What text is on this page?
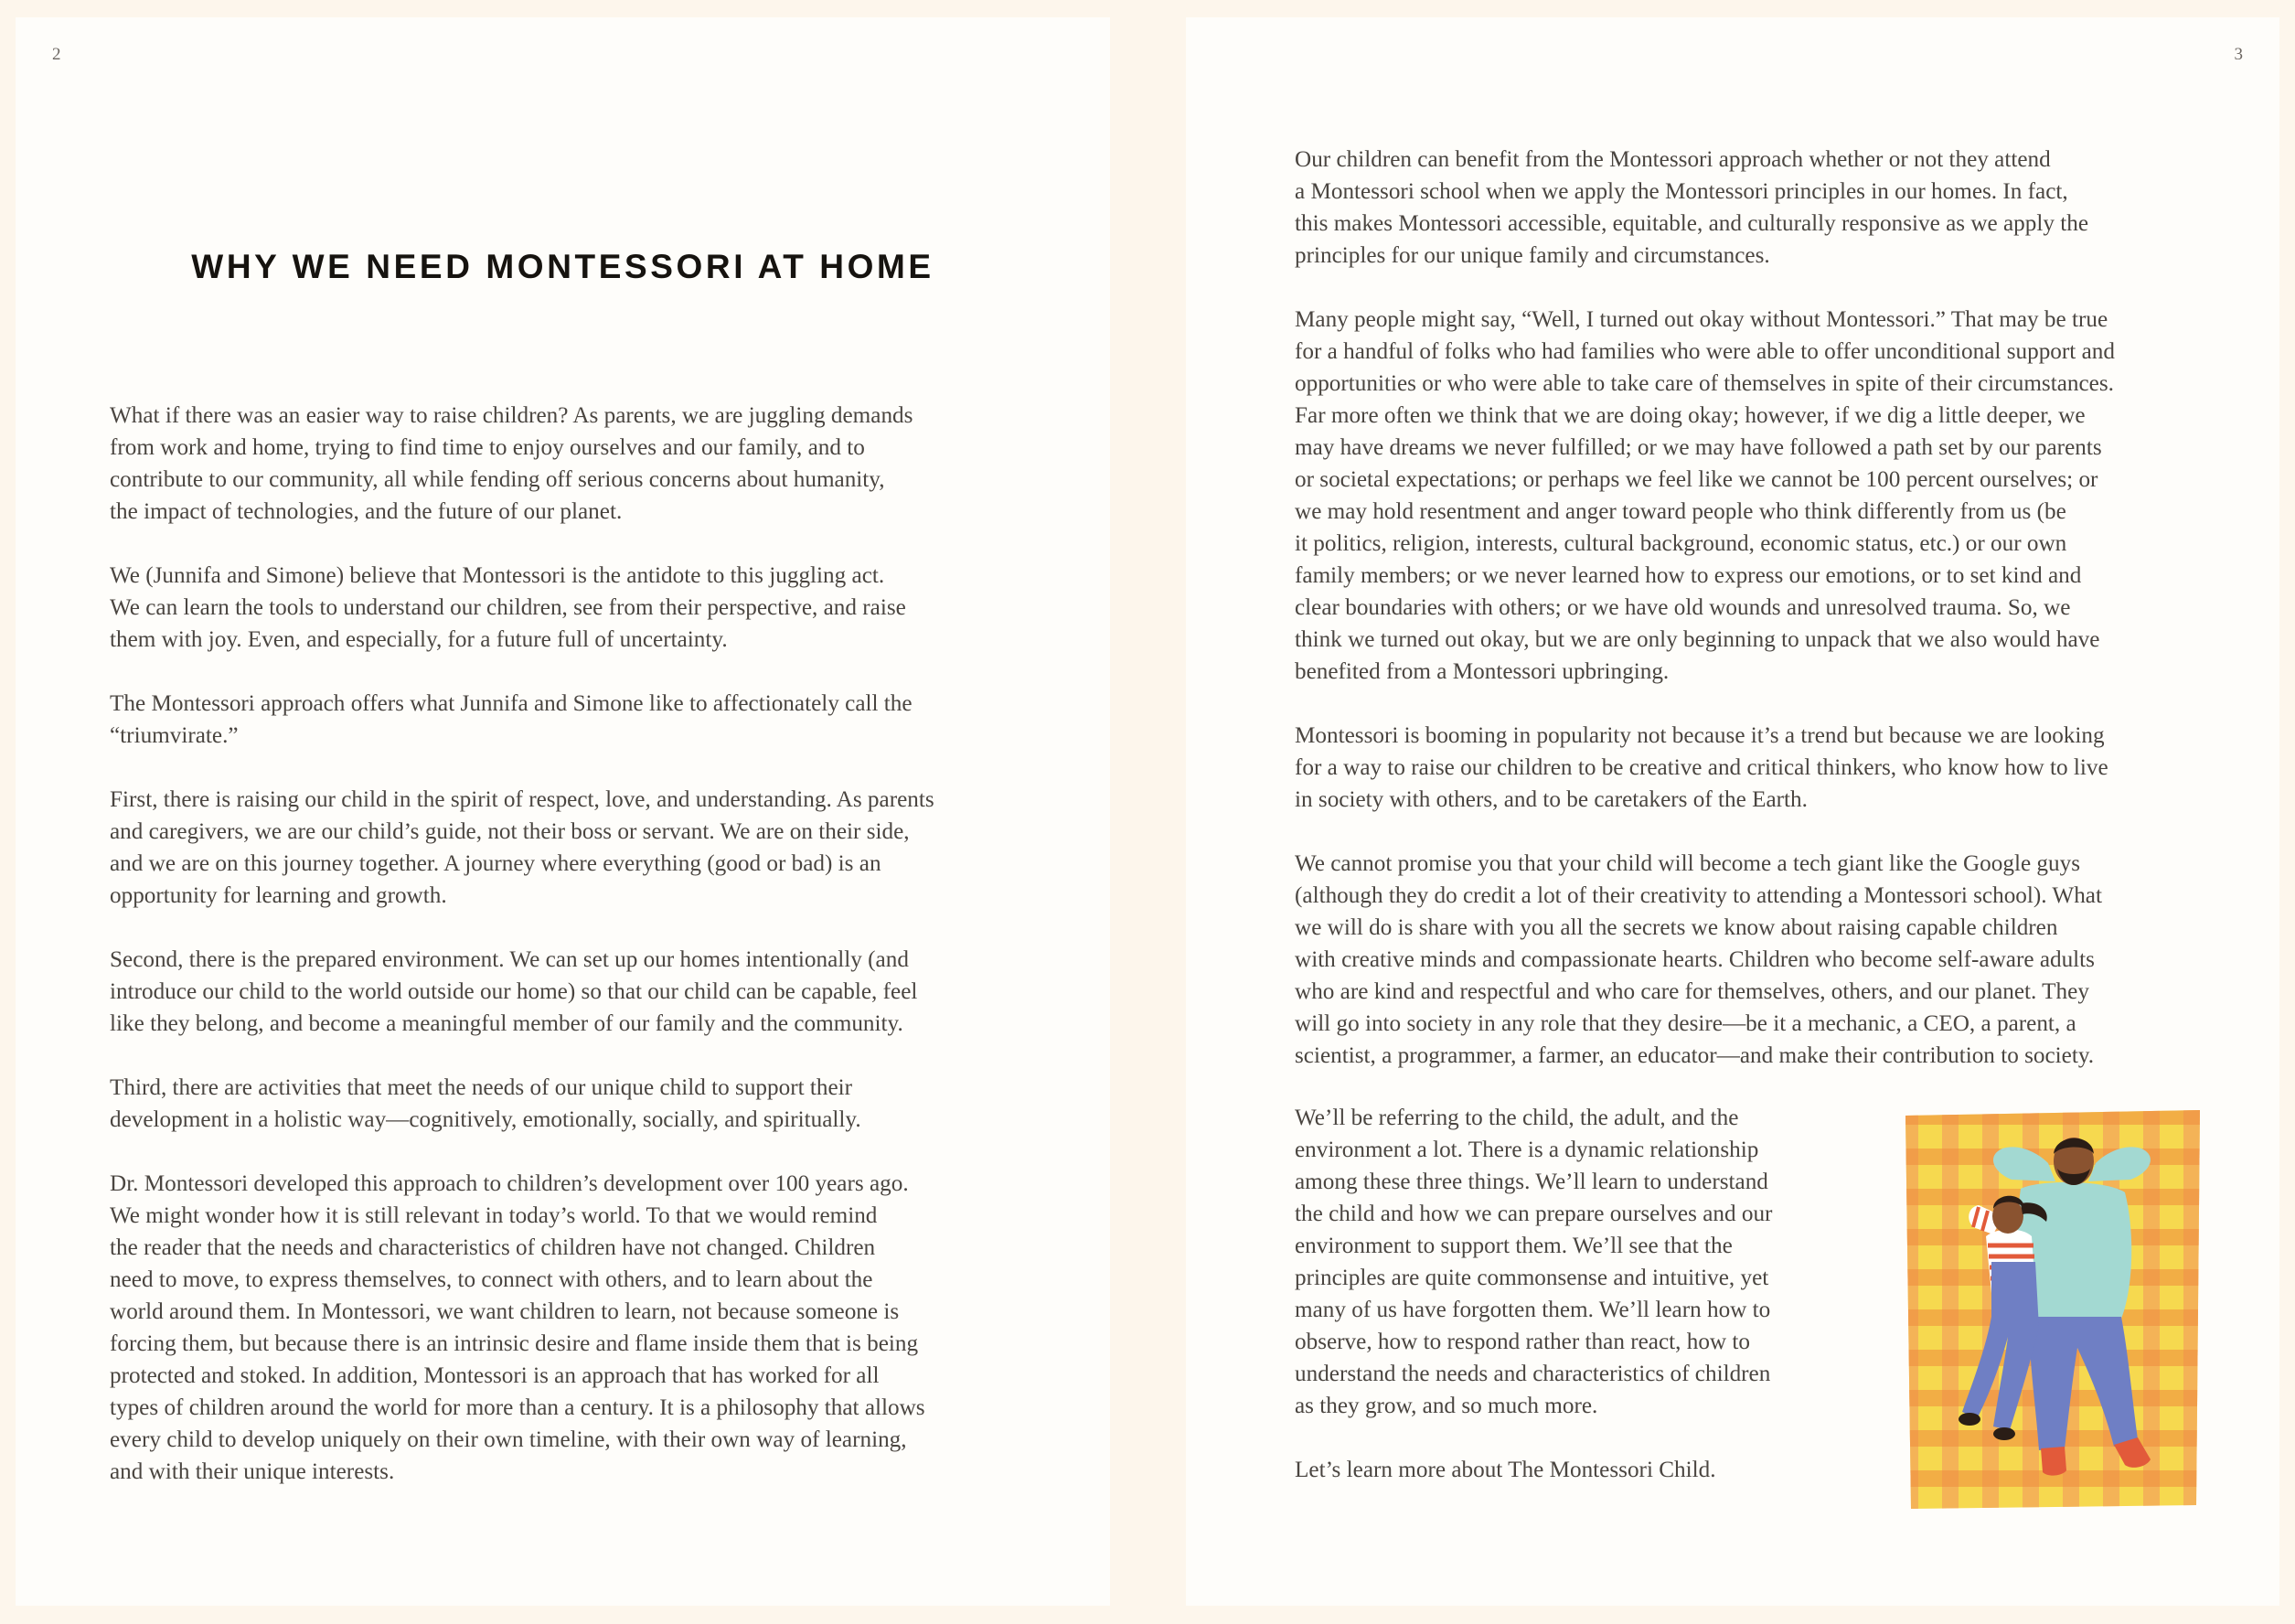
2
WHY WE NEED MONTESSORI AT HOME

What if there was an easier way to raise children? As parents, we are juggling demands
from work and home, trying to find time to enjoy ourselves and our family, and to
contribute to our community, all while fending off serious concerns about humanity,
the impact of technologies, and the future of our planet.

We (Junnifa and Simone) believe that Montessori is the antidote to this juggling act.
We can learn the tools to understand our children, see from their perspective, and raise
them with joy. Even, and especially, for a future full of uncertainty.

The Montessori approach offers what Junnifa and Simone like to affectionately call the
“triumvirate.”

First, there is raising our child in the spirit of respect, love, and understanding. As parents
and caregivers, we are our child’s guide, not their boss or servant. We are on their side,
and we are on this journey together. A journey where everything (good or bad) is an
opportunity for learning and growth.

Second, there is the prepared environment. We can set up our homes intentionally (and
introduce our child to the world outside our home) so that our child can be capable, feel
like they belong, and become a meaningful member of our family and the community.

Third, there are activities that meet the needs of our unique child to support their
development in a holistic way—cognitively, emotionally, socially, and spiritually.

Dr. Montessori developed this approach to children’s development over 100 years ago.
We might wonder how it is still relevant in today’s world. To that we would remind
the reader that the needs and characteristics of children have not changed. Children
need to move, to express themselves, to connect with others, and to learn about the
world around them. In Montessori, we want children to learn, not because someone is
forcing them, but because there is an intrinsic desire and flame inside them that is being
protected and stoked. In addition, Montessori is an approach that has worked for all
types of children around the world for more than a century. It is a philosophy that allows
every child to develop uniquely on their own timeline, with their own way of learning,
and with their unique interests.

3

Our children can benefit from the Montessori approach whether or not they attend
a Montessori school when we apply the Montessori principles in our homes. In fact,
this makes Montessori accessible, equitable, and culturally responsive as we apply the
principles for our unique family and circumstances.

Many people might say, “Well, I turned out okay without Montessori.” That may be true
for a handful of folks who had families who were able to offer unconditional support and
opportunities or who were able to take care of themselves in spite of their circumstances.
Far more often we think that we are doing okay; however, if we dig a little deeper, we
may have dreams we never fulfilled; or we may have followed a path set by our parents
or societal expectations; or perhaps we feel like we cannot be 100 percent ourselves; or
we may hold resentment and anger toward people who think differently from us (be
it politics, religion, interests, cultural background, economic status, etc.) or our own
family members; or we never learned how to express our emotions, or to set kind and
clear boundaries with others; or we have old wounds and unresolved trauma. So, we
think we turned out okay, but we are only beginning to unpack that we also would have
benefited from a Montessori upbringing.

Montessori is booming in popularity not because it’s a trend but because we are looking
for a way to raise our children to be creative and critical thinkers, who know how to live
in society with others, and to be caretakers of the Earth.

We cannot promise you that your child will become a tech giant like the Google guys
(although they do credit a lot of their creativity to attending a Montessori school). What
we will do is share with you all the secrets we know about raising capable children
with creative minds and compassionate hearts. Children who become self-aware adults
who are kind and respectful and who care for themselves, others, and our planet. They
will go into society in any role that they desire—be it a mechanic, a CEO, a parent, a
scientist, a programmer, a farmer, an educator—and make their contribution to society.

We’ll be referring to the child, the adult, and the
environment a lot. There is a dynamic relationship
among these three things. We’ll learn to understand
the child and how we can prepare ourselves and our
environment to support them. We’ll see that the
principles are quite commonsense and intuitive, yet
many of us have forgotten them. We’ll learn how to
observe, how to respond rather than react, how to
understand the needs and characteristics of children
as they grow, and so much more.

Let’s learn more about The Montessori Child.
